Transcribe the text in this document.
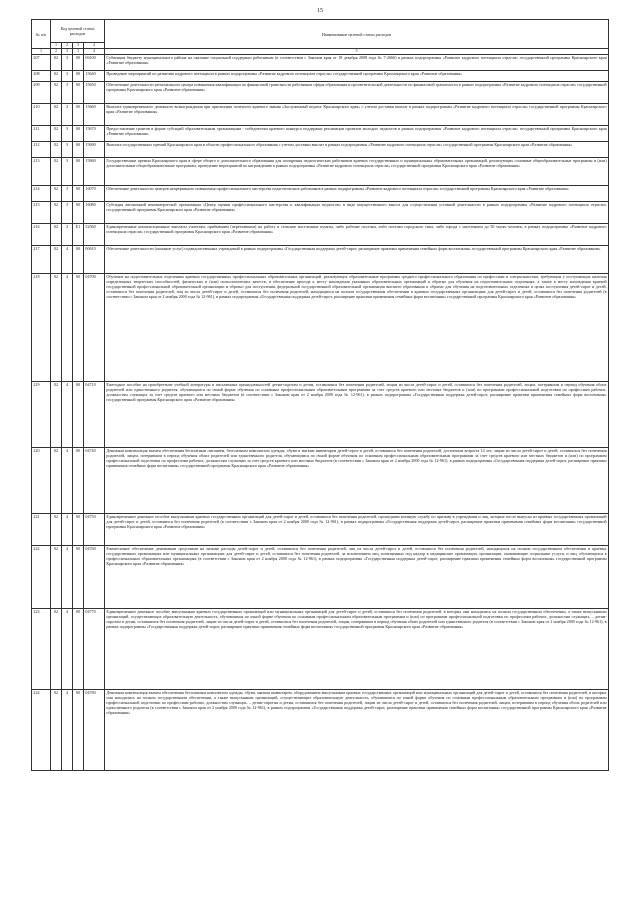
15
№ п/п	Код целевой статьи расходов				Наименование целевой статьи расходов
	1	2	3	4	
1	2	3	3	4	5
207	02	3	00	06100	Субвенция бюджету муниципального района на оказание социальной поддержки работникам (в соответствии с Законом края от 18 декабря 2008 года № 7-2666) в рамках подпрограммы «Развитие кадрового потенциала отрасли» государственной программы Красноярского края «Развитие образования»
208	02	3	00	15640	Проведение мероприятий по развитию кадрового потенциала в рамках подпрограммы «Развитие кадрового потенциала отрасли» государственной программы Красноярского края «Развитие образования»
209	02	3	00	15650	Обеспечение деятельности регионального центра повышения квалификации по финансовой грамотности работников сферы образования и просветительской деятельности по финансовой грамотности в рамках подпрограммы «Развитие кадрового потенциала отрасли» государственной программы Красноярского края «Развитие образования»
210	02	3	00	15660	Выплата единовременного денежного вознаграждения при присвоении почетного краевого звания «Заслуженный педагог Красноярского края» с учетом доставки выплат в рамках подпрограммы «Развитие кадрового потенциала отрасли» государственной программы Красноярского края «Развитие образования»
211	02	3	00	15670	Предоставление грантов в форме субсидий образовательным организациям - победителям краевого конкурса поддержки реализации проектов молодых педагогов в рамках подпрограммы «Развитие кадрового потенциала отрасли» государственной программы Красноярского края «Развитие образования»
212	02	3	00	15690	Выплата государственных премий Красноярского края в области профессионального образования с учетом доставки выплат в рамках подпрограммы «Развитие кадрового потенциала отрасли» государственной программы Красноярского края «Развитие образования»
213	02	3	00	15860	Государственные премии Красноярского края в сфере общего и дополнительного образования для поощрения педагогических работников краевых государственных и муниципальных образовательных организаций, реализующих основные общеобразовательные программы и (или) дополнительные общеобразовательные программы, проведение мероприятий по награждению в рамках подпрограммы «Развитие кадрового потенциала отрасли» государственной программы Красноярского края «Развитие образования»
214	02	3	00	16070	Обеспечение деятельности центров непрерывного повышения профессионального мастерства педагогических работников в рамках подпрограммы «Развитие кадрового потенциала отрасли» государственной программы Красноярского края «Развитие образования»
215	02	3	00	16080	Субсидия автономной некоммерческой организации «Центр оценки профессионального мастерства и квалификации педагогов» в виде имущественного взноса для осуществления уставной деятельности в рамках подпрограммы «Развитие кадрового потенциала отрасли» государственной программы Красноярского края «Развитие образования»
216	02	3	E1	52560	Единовременные компенсационные выплаты учителям, прибывшим (переехавшим) на работу в сельские населенные пункты, либо рабочие поселки, либо поселки городского типа, либо города с населением до 50 тысяч человек, в рамках подпрограммы «Развитие кадрового потенциала отрасли» государственной программы Красноярского края «Развитие образования»
217	02	4	00	00610	Обеспечение деятельности (оказание услуг) подведомственных учреждений в рамках подпрограммы «Государственная поддержка детей-сирот, расширение практики применения семейных форм воспитания» государственной программы Красноярского края «Развитие образования»
218	02	4	00	04700	Обучение на подготовительных отделениях краевых государственных профессиональных образовательных организаций, реализующих образовательные программы среднего профессионального образования по профессиям и специальностям, требующим у поступающих наличия определенных творческих способностей, физических и (или) психологических качеств, и обеспечение проезда к месту нахождения указанных образовательных организаций и обратно для обучения на подготовительных отделениях, а также к месту нахождения краевой государственной профессиональной образовательной организации и обратно для поступления, федеральной государственной образовательной организации высшего образования и обратно для обучения на подготовительных отделениях в целях поступления детей-сирот и детей, оставшихся без попечения родителей, лиц из числа детей-сирот и детей, оставшихся без попечения родителей, находящихся на полном государственном обеспечении в краевых государственных организациях для детей-сирот и детей, оставшихся без попечения родителей (в соответствии с Законом края от 2 ноября 2000 года № 12-961), в рамках подпрограммы «Государственная поддержка детей-сирот, расширение практики применения семейных форм воспитания» государственной программы Красноярского края «Развитие образования»
219	02	4	00	04710	Ежегодное пособие на приобретение учебной литературы и письменных принадлежностей детям-сиротам и детям, оставшимся без попечения родителей, лицам из числа детей-сирот и детей, оставшихся без попечения родителей, лицам, потерявшим в период обучения обоих родителей или единственного родителя, обучающимся по очной форме обучения по основным профессиональным образовательным программам за счет средств краевого или местных бюджетов и (или) по программам профессиональной подготовки по профессиям рабочих, должностям служащих за счет средств краевого или местных бюджетов (в соответствии с Законом края от 2 ноября 2000 года № 12-961), в рамках подпрограммы «Государственная поддержка детей-сирот, расширение практики применения семейных форм воспитания» государственной программы Красноярского края «Развитие образования»
220	02	4	00	04740	Денежная компенсация взамен обеспечения бесплатным питанием, бесплатным комплектом одежды, обуви и мягким инвентарем детей-сирот и детей, оставшихся без попечения родителей, достигшим возраста 14 лет, лицам из числа детей-сирот и детей, оставшихся без попечения родителей, лицам, потерявшим в период обучения обоих родителей или единственного родителя, обучающимся по очной форме обучения по основным профессиональным образовательным программам за счет средств краевого или местных бюджетов и (или) по программам профессиональной подготовки по профессиям рабочих, должностям служащих за счет средств краевого или местных бюджетов (в соответствии с Законом края от 2 ноября 2000 года № 12-961), в рамках подпрограммы «Государственная поддержка детей-сирот, расширение практики применения семейных форм воспитания» государственной программы Красноярского края «Развитие образования»
221	02	4	00	04750	Единовременное денежное пособие выпускникам краевых государственных организаций для детей-сирот и детей, оставшихся без попечения родителей, прошедшим военную службу по призыву в учреждении и лиц, которые после выпуска из краевых государственных организаций для детей-сирот и детей, оставшихся без попечения родителей (в соответствии с Законом края от 2 ноября 2000 года № 12-961), в рамках подпрограммы «Государственная поддержка детей-сирот, расширение практики применения семейных форм воспитания» государственной программы Красноярского края «Развитие образования»
222	02	4	00	04760	Ежемесячное обеспечение денежными средствами на личные расходы детей-сирот и детей, оставшихся без попечения родителей, лиц из числа детей-сирот и детей, оставшихся без попечения родителей, находящихся на полном государственном обеспечении в краевых государственных организациях или муниципальных организациях для детей-сирот и детей, оставшихся без попечения родителей, за исключением лиц, помещенных под надзор в медицинские организации, организации, оказывающие социальные услуги, и лиц, обучающихся в профессиональных образовательных организациях (в соответствии с Законом края от 2 ноября 2000 года № 12-961), в рамках подпрограммы «Государственная поддержка детей-сирот, расширение практики применения семейных форм воспитания» государственной программы Красноярского края «Развитие образования»
223	02	4	00	04770	Единовременное денежное пособие выпускникам краевых государственных организаций или муниципальных организаций для детей-сирот и детей, оставшихся без попечения родителей, в которых они находились на полном государственном обеспечении, а также выпускникам организаций, осуществляющих образовательную деятельность, обучавшимся по очной форме обучения по основным профессиональным образовательным программам и (или) по программам профессиональной подготовки по профессиям рабочих, должностям служащих, – детям-сиротам и детям, оставшимся без попечения родителей, лицам из числа детей-сирот и детей, оставшихся без попечения родителей, лицам, потерявшим в период обучения обоих родителей или единственного родителя (в соответствии с Законом края от 2 ноября 2000 года № 12-961), в рамках подпрограммы «Государственная поддержка детей-сирот, расширение практики применения семейных форм воспитания» государственной программы Красноярского края «Развитие образования»
224	02	4	00	04780	Денежная компенсация взамен обеспечения бесплатным комплектом одежды, обуви, мягким инвентарем, оборудованием выпускникам краевых государственных организаций или муниципальных организаций для детей-сирот и детей, оставшихся без попечения родителей, в которых они находились на полном государственном обеспечении, а также выпускникам организаций, осуществляющих образовательную деятельность, обучавшимся по очной форме обучения по основным профессиональным образовательным программам и (или) по программам профессиональной подготовки по профессиям рабочих, должностям служащих, – детям-сиротам и детям, оставшимся без попечения родителей, лицам из числа детей-сирот и детей, оставшихся без попечения родителей, лицам, потерявшим в период обучения обоих родителей или единственного родителя (в соответствии с Законом края от 2 ноября 2000 года № 12-961), в рамках подпрограммы «Государственная поддержка детей-сирот, расширение практики применения семейных форм воспитания» государственной программы Красноярского края «Развитие образования»
